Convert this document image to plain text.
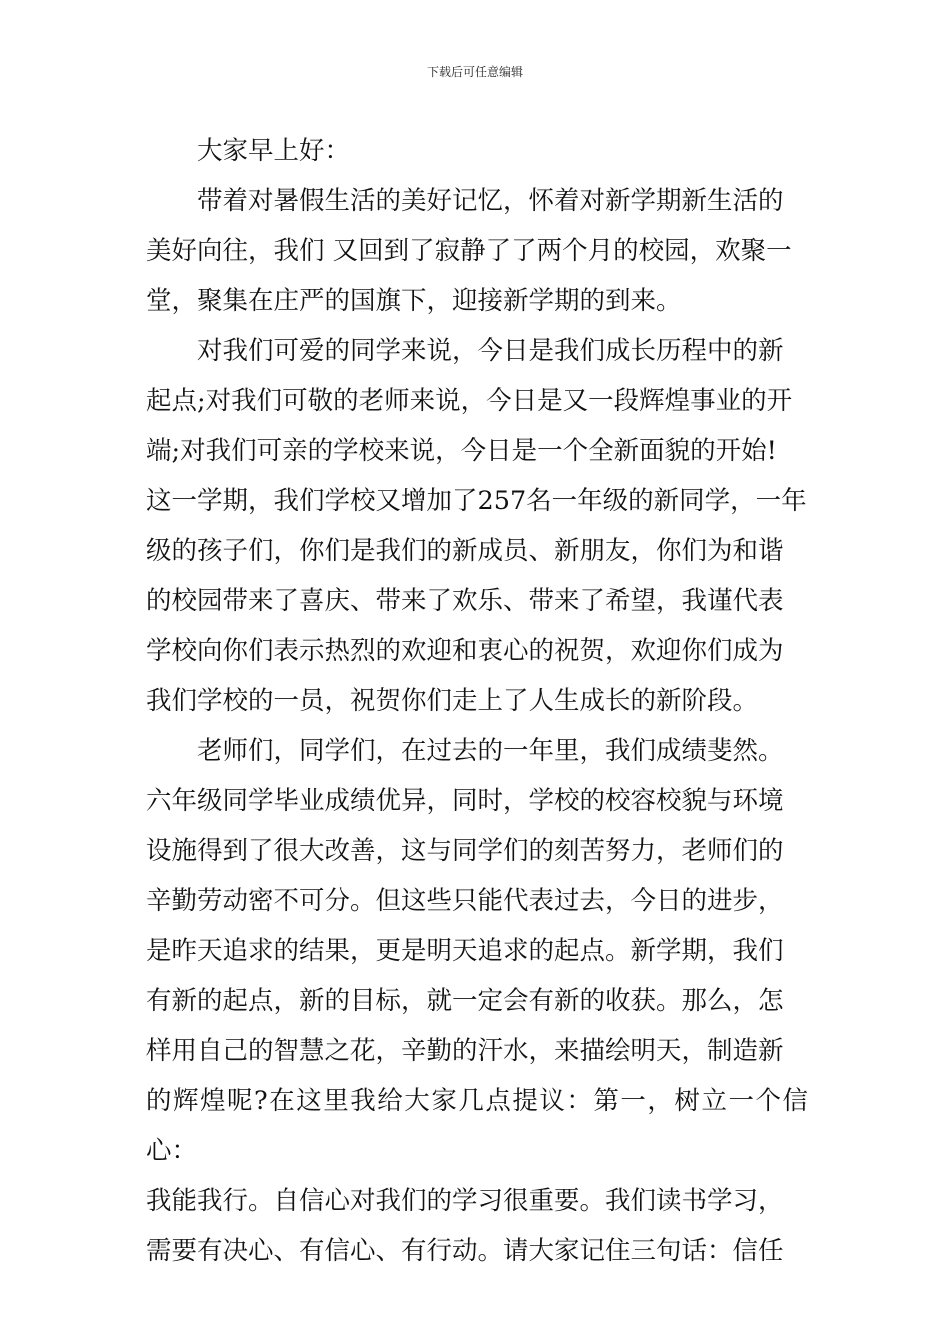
下载后可任意编辑

大家早上好：

带着对暑假生活的美好记忆，怀着对新学期新生活的
美好向往，我们 又回到了寂静了了两个月的校园，欢聚一
堂，聚集在庄严的国旗下，迎接新学期的到来。

对我们可爱的同学来说，今日是我们成长历程中的新
起点;对我们可敬的老师来说，今日是又一段辉煌事业的开
端;对我们可亲的学校来说，今日是一个全新面貌的开始!
这一学期，我们学校又增加了257名一年级的新同学，一年
级的孩子们，你们是我们的新成员、新朋友，你们为和谐
的校园带来了喜庆、带来了欢乐、带来了希望，我谨代表
学校向你们表示热烈的欢迎和衷心的祝贺，欢迎你们成为
我们学校的一员，祝贺你们走上了人生成长的新阶段。

老师们，同学们，在过去的一年里，我们成绩斐然。
六年级同学毕业成绩优异，同时，学校的校容校貌与环境
设施得到了很大改善，这与同学们的刻苦努力，老师们的
辛勤劳动密不可分。但这些只能代表过去，今日的进步，
是昨天追求的结果，更是明天追求的起点。新学期，我们
有新的起点，新的目标，就一定会有新的收获。那么，怎
样用自己的智慧之花，辛勤的汗水，来描绘明天，制造新
的辉煌呢?在这里我给大家几点提议：第一，树立一个信心：
我能我行。自信心对我们的学习很重要。我们读书学习，
需要有决心、有信心、有行动。请大家记住三句话：信任
